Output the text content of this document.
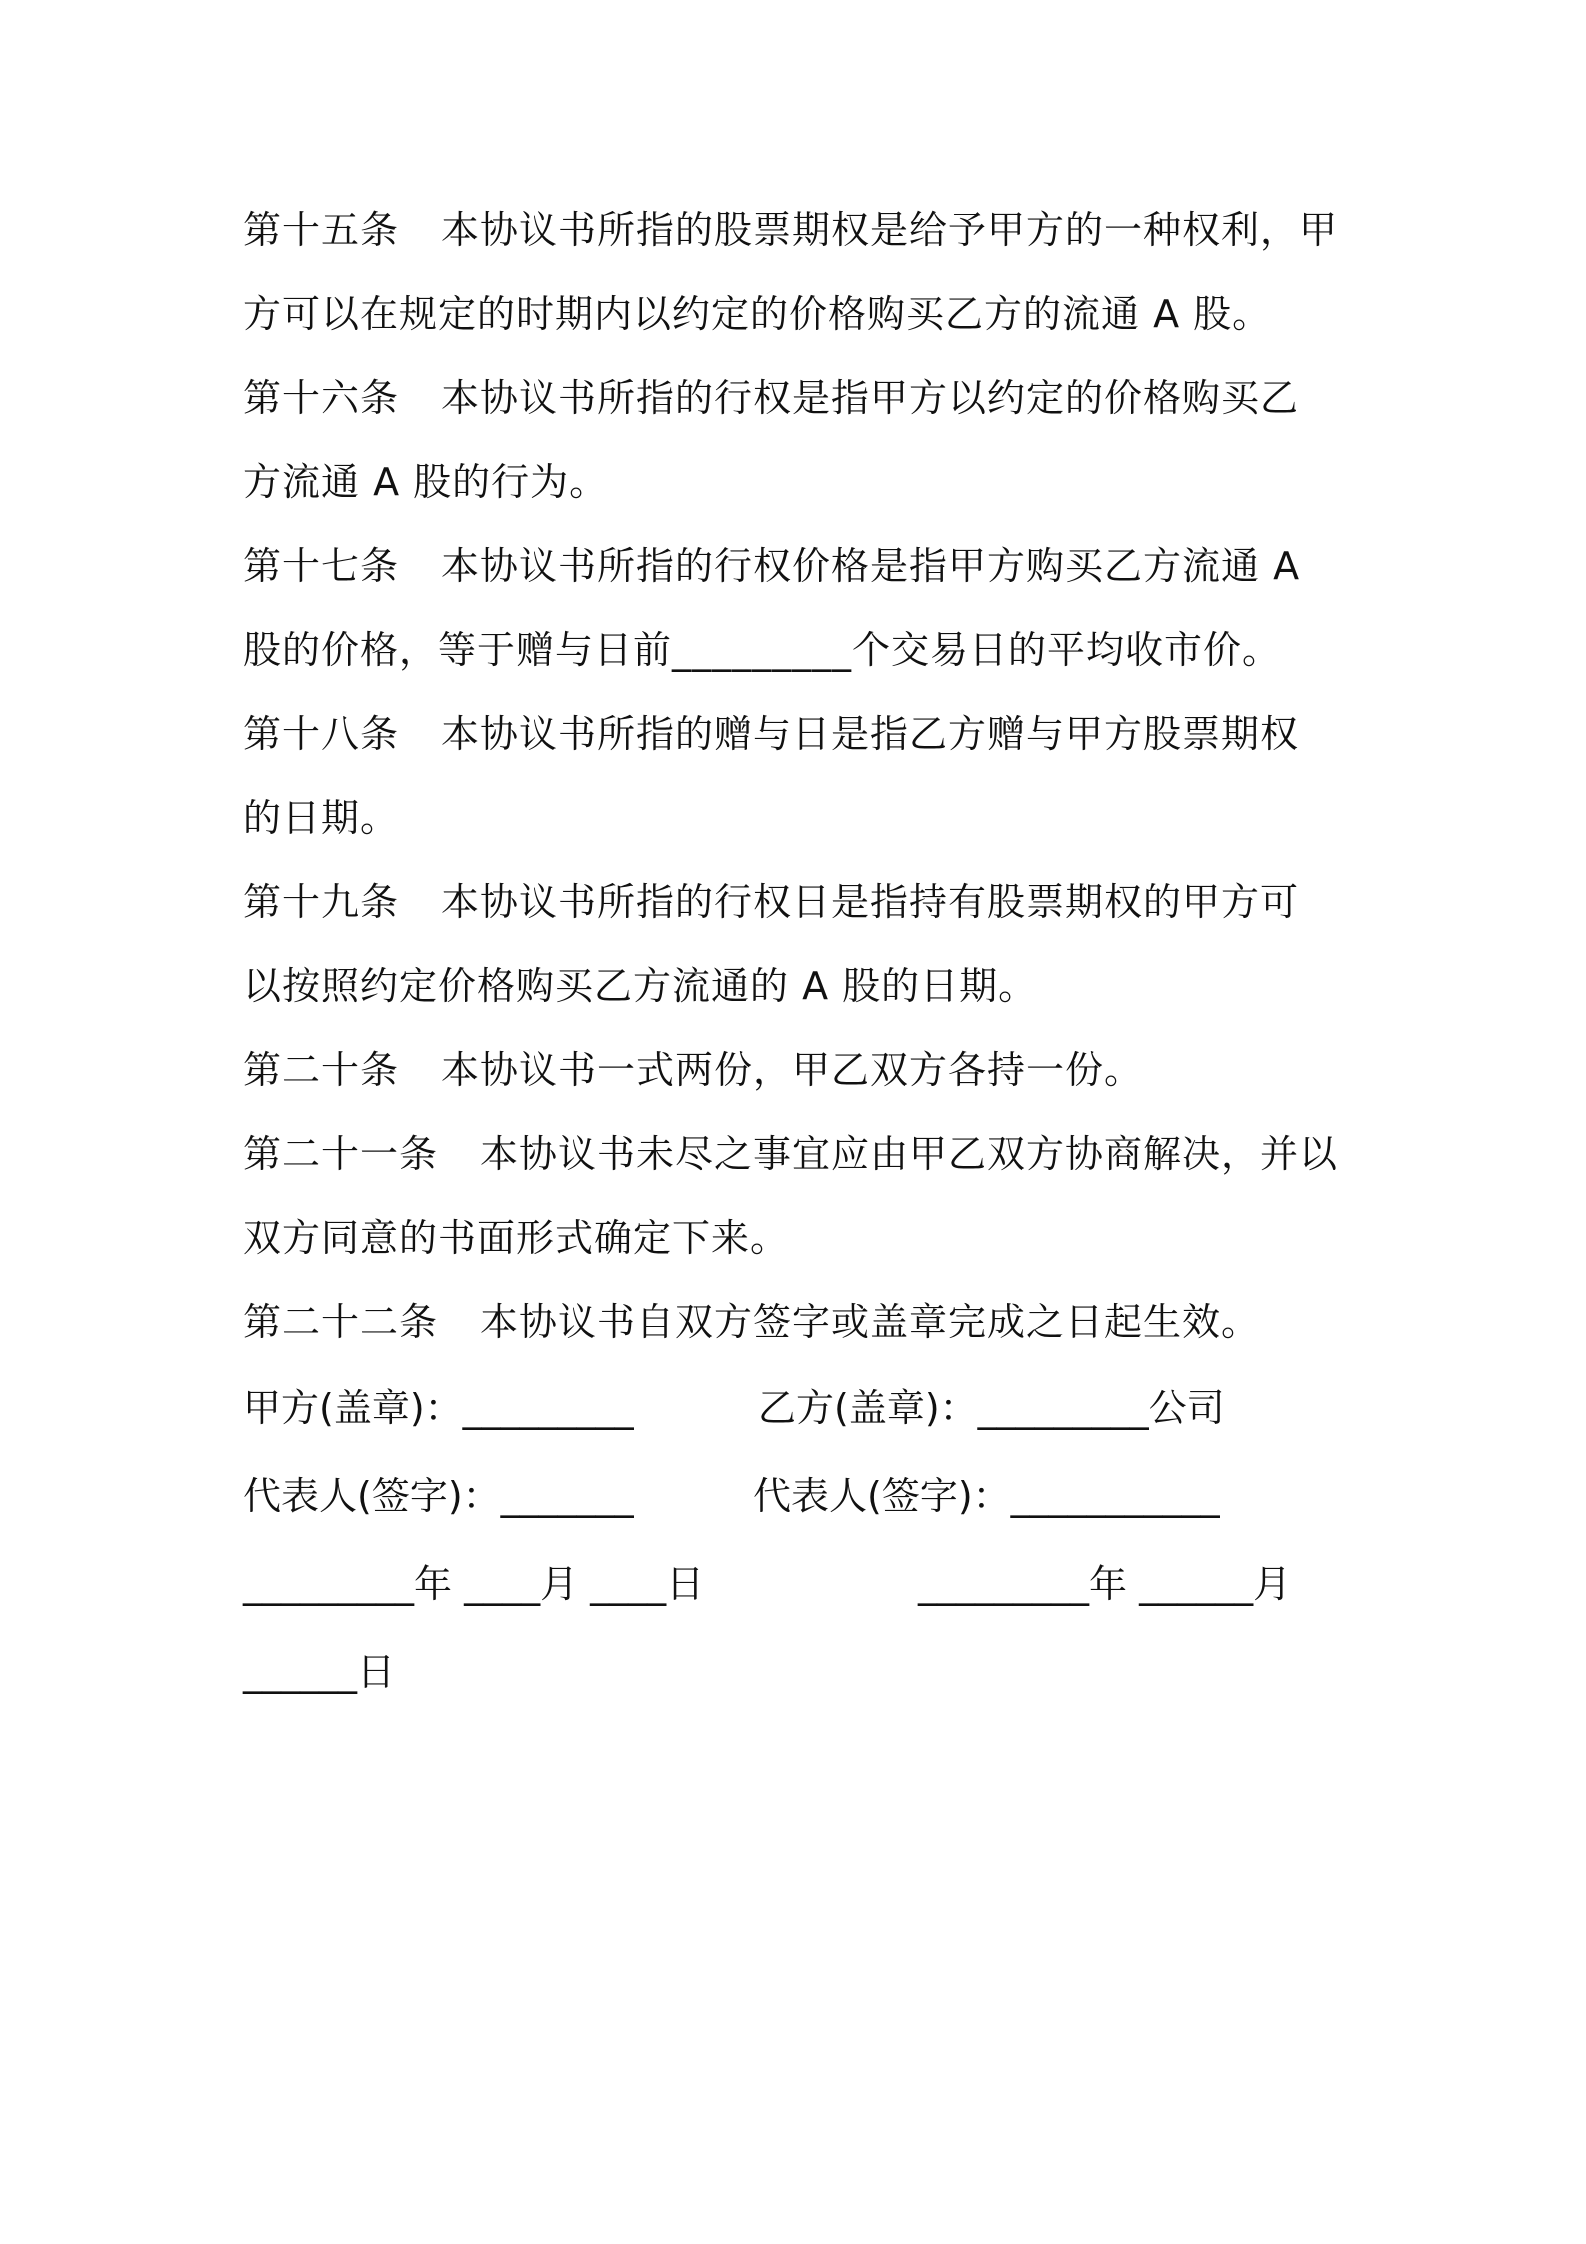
第十五条 本协议书所指的股票期权是给予甲方的一种权利，甲
方可以在规定的时期内以约定的价格购买乙方的流通 A 股。
第十六条 本协议书所指的行权是指甲方以约定的价格购买乙
方流通 A 股的行为。
第十七条 本协议书所指的行权价格是指甲方购买乙方流通 A
股的价格，等于赠与日前_________个交易日的平均收市价。
第十八条 本协议书所指的赠与日是指乙方赠与甲方股票期权
的日期。
第十九条 本协议书所指的行权日是指持有股票期权的甲方可
以按照约定价格购买乙方流通的 A 股的日期。
第二十条 本协议书一式两份，甲乙双方各持一份。
第二十一条 本协议书未尽之事宜应由甲乙双方协商解决，并以
双方同意的书面形式确定下来。
第二十二条 本协议书自双方签字或盖章完成之日起生效。
甲方(盖章)：_________	乙方(盖章)：_________公司
代表人(签字)：_______	代表人(签字)：___________
_________年 ____月 ____日	_________年 ______月
______日
